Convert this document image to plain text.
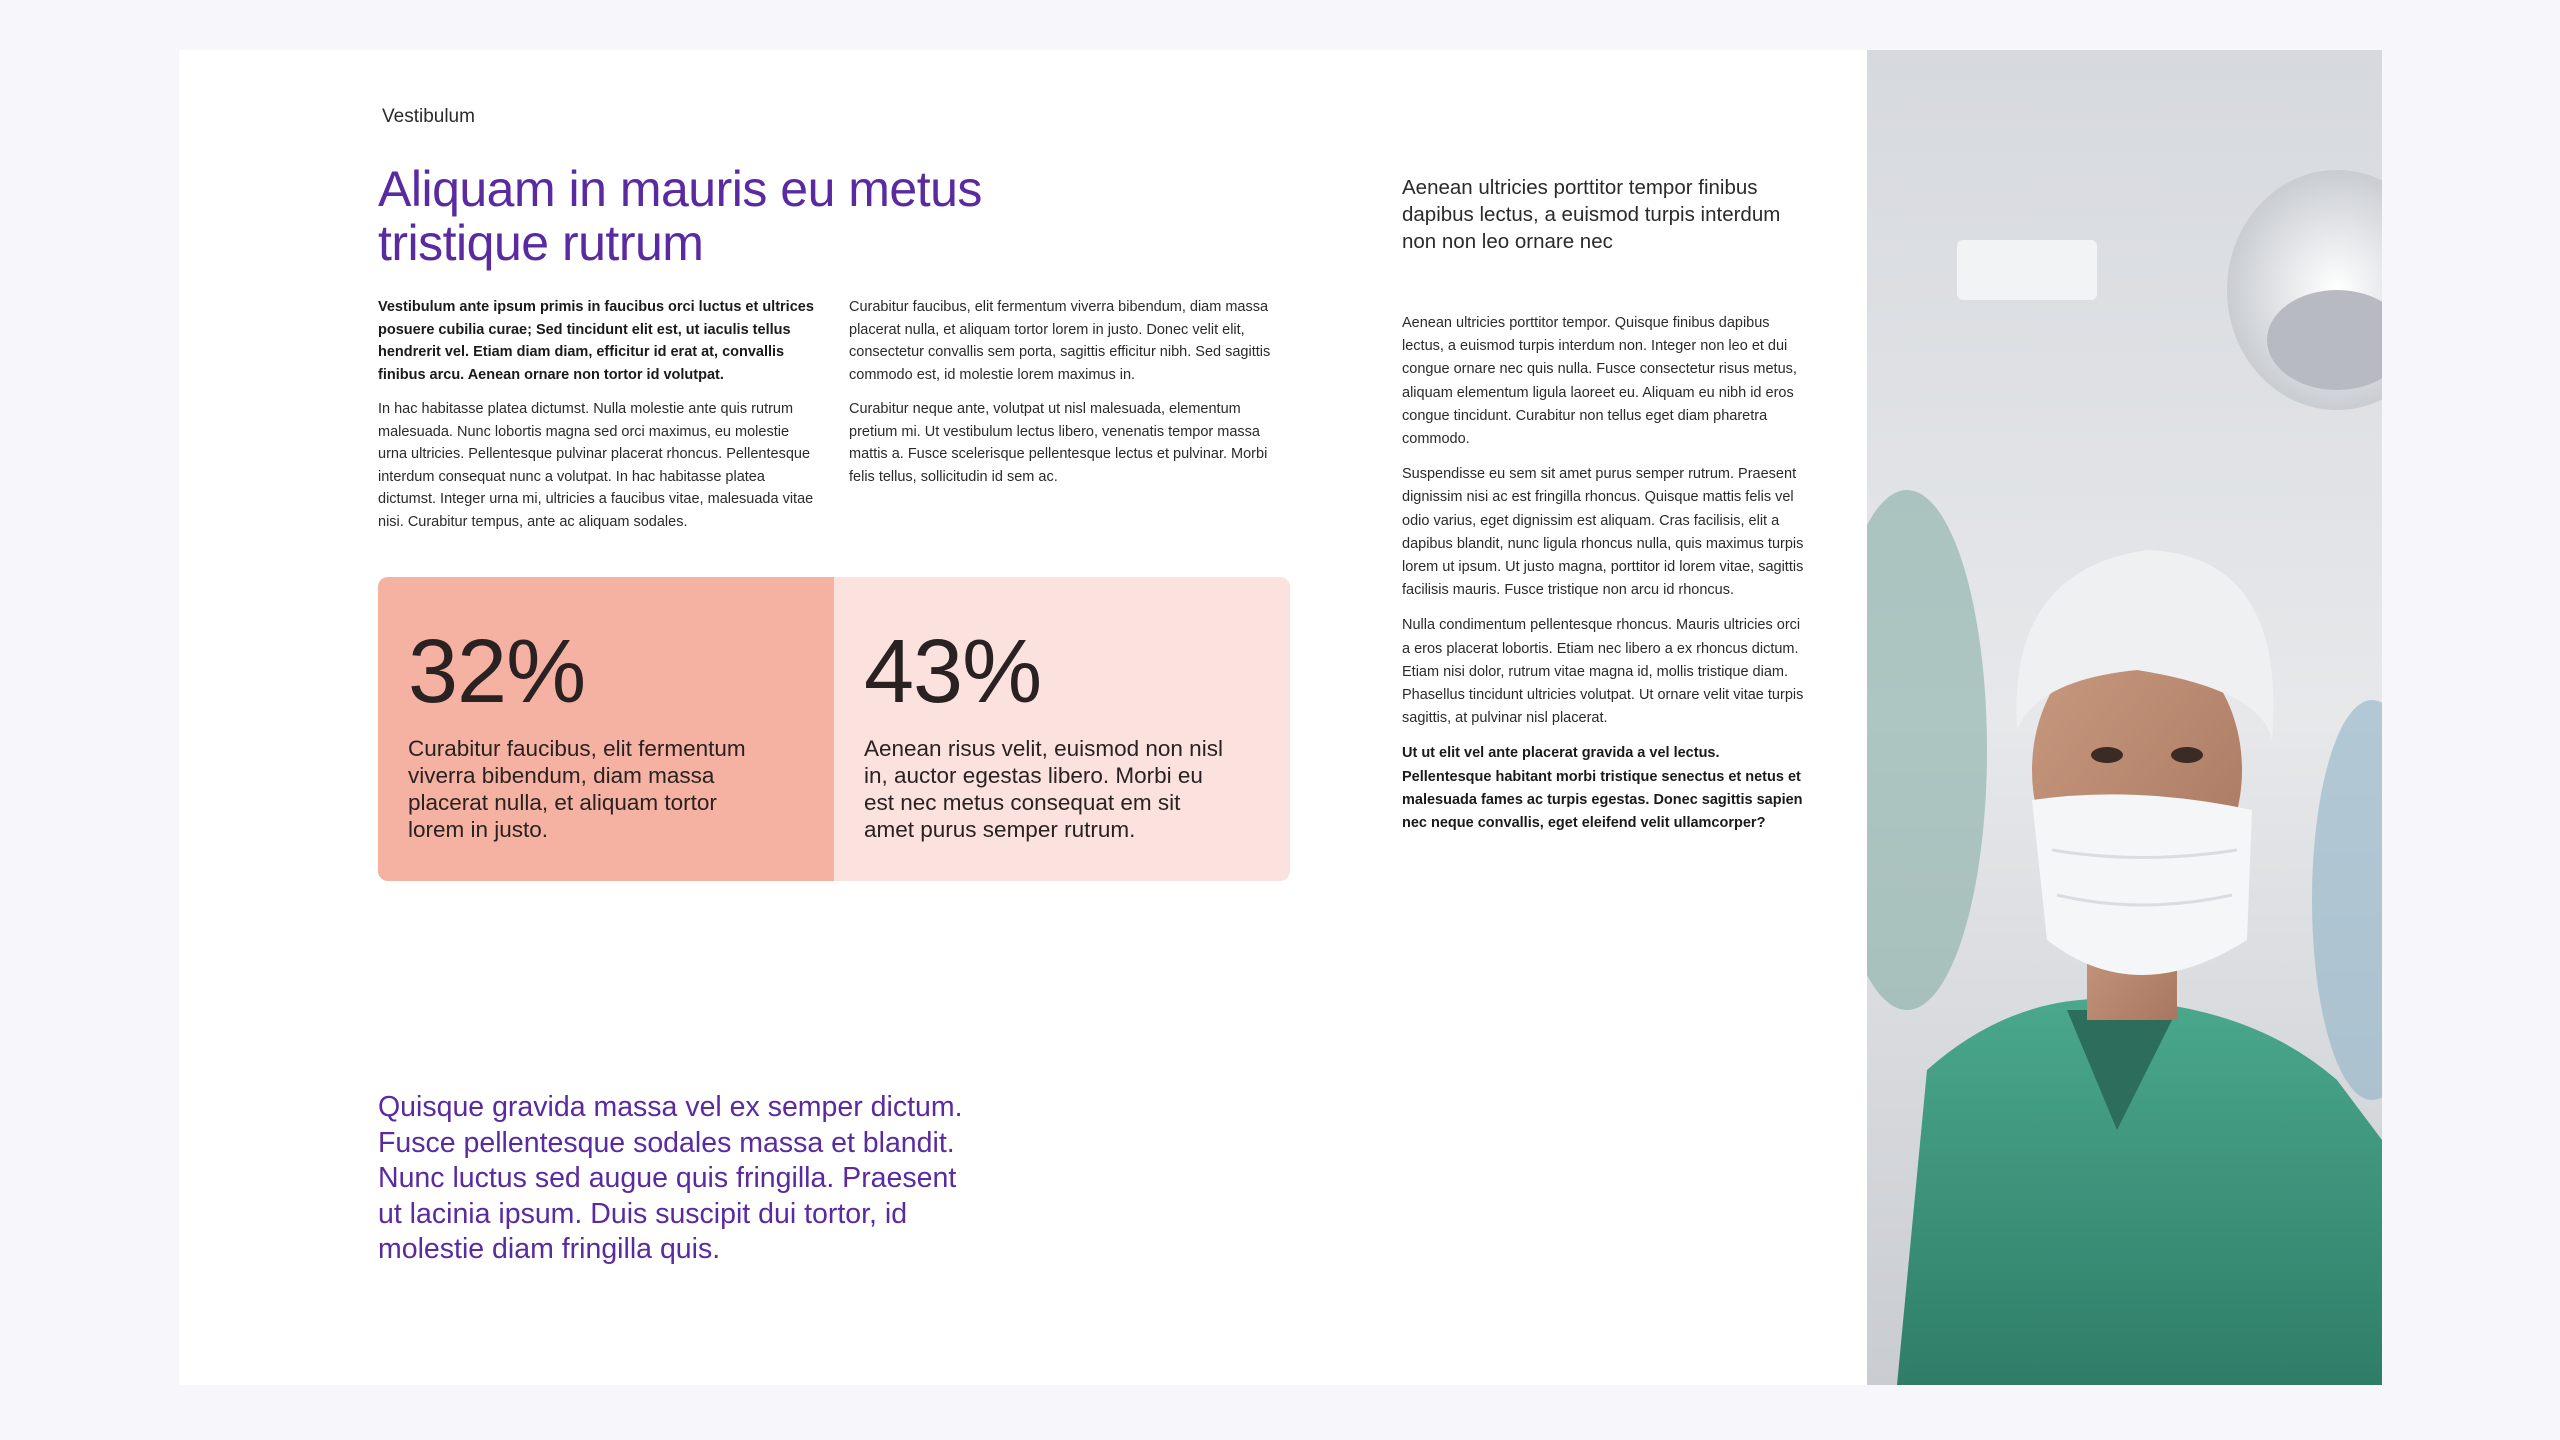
Vestibulum
Aliquam in mauris eu metus tristique rutrum

Vestibulum ante ipsum primis in faucibus orci luctus et ultrices posuere cubilia curae; Sed tincidunt elit est, ut iaculis tellus hendrerit vel. Etiam diam diam, efficitur id erat at, convallis finibus arcu. Aenean ornare non tortor id volutpat.

In hac habitasse platea dictumst. Nulla molestie ante quis rutrum malesuada. Nunc lobortis magna sed orci maximus, eu molestie urna ultricies. Pellentesque pulvinar placerat rhoncus. Pellentesque interdum consequat nunc a volutpat. In hac habitasse platea dictumst. Integer urna mi, ultricies a faucibus vitae, malesuada vitae nisi. Curabitur tempus, ante ac aliquam sodales.

Curabitur faucibus, elit fermentum viverra bibendum, diam massa placerat nulla, et aliquam tortor lorem in justo. Donec velit elit, consectetur convallis sem porta, sagittis efficitur nibh. Sed sagittis commodo est, id molestie lorem maximus in.

Curabitur neque ante, volutpat ut nisl malesuada, elementum pretium mi. Ut vestibulum lectus libero, venenatis tempor massa mattis a. Fusce scelerisque pellentesque lectus et pulvinar. Morbi felis tellus, sollicitudin id sem ac.

32%
Curabitur faucibus, elit fermentum viverra bibendum, diam massa placerat nulla, et aliquam tortor lorem in justo.
43%
Aenean risus velit, euismod non nisl in, auctor egestas libero. Morbi eu est nec metus consequat em sit amet purus semper rutrum.
Quisque gravida massa vel ex semper dictum. Fusce pellentesque sodales massa et blandit. Nunc luctus sed augue quis fringilla. Praesent ut lacinia ipsum. Duis suscipit dui tortor, id molestie diam fringilla quis.
Aenean ultricies porttitor tempor finibus dapibus lectus, a euismod turpis interdum non non leo ornare nec

Aenean ultricies porttitor tempor. Quisque finibus dapibus lectus, a euismod turpis interdum non. Integer non leo et dui congue ornare nec quis nulla. Fusce consectetur risus metus, aliquam elementum ligula laoreet eu. Aliquam eu nibh id eros congue tincidunt. Curabitur non tellus eget diam pharetra commodo.

Suspendisse eu sem sit amet purus semper rutrum. Praesent dignissim nisi ac est fringilla rhoncus. Quisque mattis felis vel odio varius, eget dignissim est aliquam. Cras facilisis, elit a dapibus blandit, nunc ligula rhoncus nulla, quis maximus turpis lorem ut ipsum. Ut justo magna, porttitor id lorem vitae, sagittis facilisis mauris. Fusce tristique non arcu id rhoncus.

Nulla condimentum pellentesque rhoncus. Mauris ultricies orci a eros placerat lobortis. Etiam nec libero a ex rhoncus dictum. Etiam nisi dolor, rutrum vitae magna id, mollis tristique diam. Phasellus tincidunt ultricies volutpat. Ut ornare velit vitae turpis sagittis, at pulvinar nisl placerat.

Ut ut elit vel ante placerat gravida a vel lectus. Pellentesque habitant morbi tristique senectus et netus et malesuada fames ac turpis egestas. Donec sagittis sapien nec neque convallis, eget eleifend velit ullamcorper?
